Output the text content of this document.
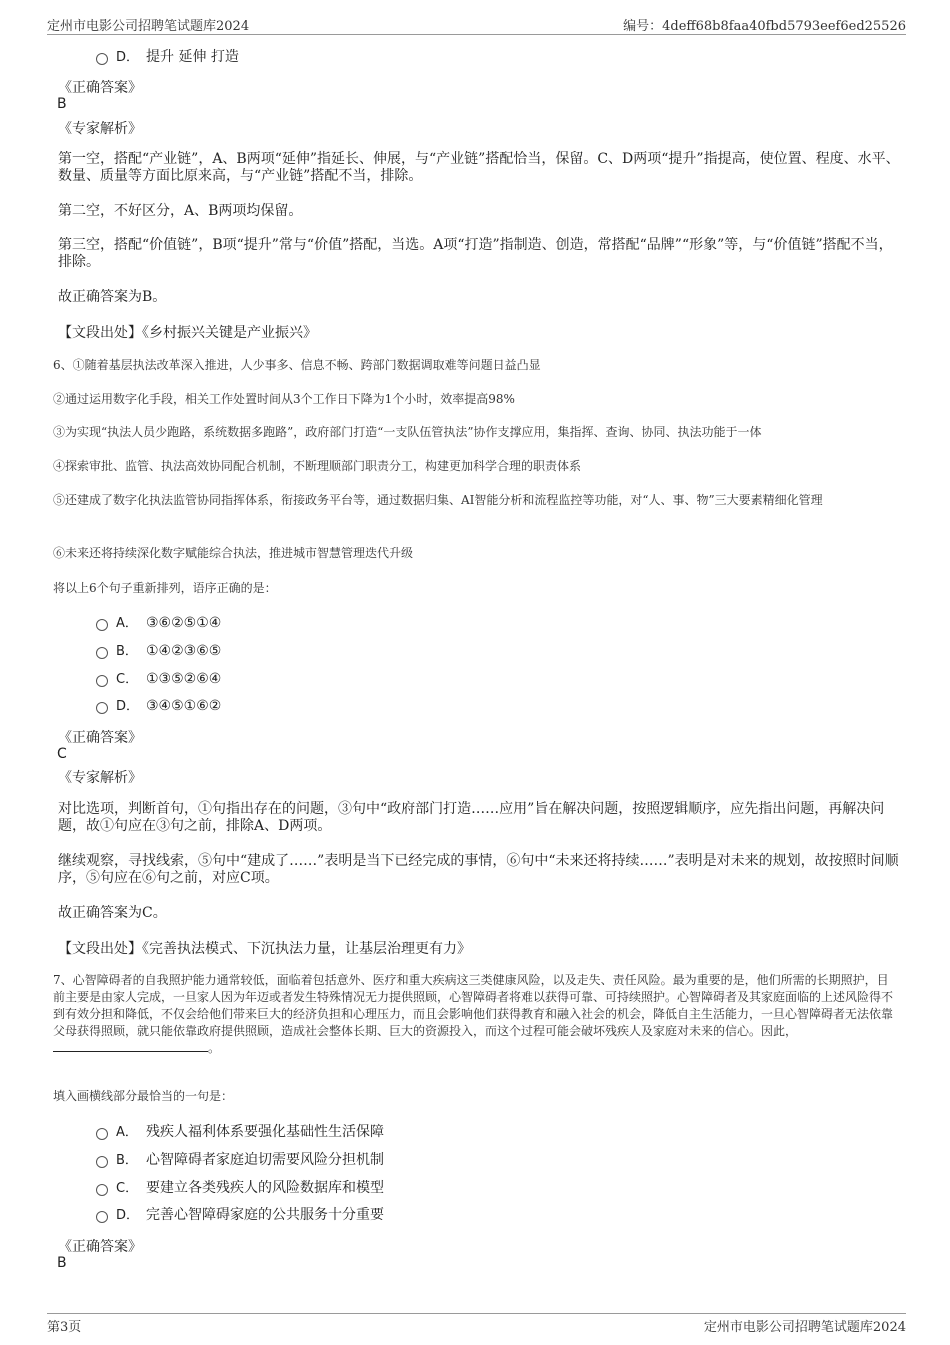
定州市电影公司招聘笔试题库2024	编号：4deff68b8faa40fbd5793eef6ed25526
D． 提升 延伸 打造
《正确答案》
B
《专家解析》
第一空，搭配“产业链”，A、B两项“延伸”指延长、伸展，与“产业链”搭配恰当，保留。C、D两项“提升”指提高，使位置、程度、水平、数量、质量等方面比原来高，与“产业链”搭配不当，排除。
第二空，不好区分，A、B两项均保留。
第三空，搭配“价值链”，B项“提升”常与“价值”搭配，当选。A项“打造”指制造、创造，常搭配“品牌”“形象”等，与“价值链”搭配不当，排除。
故正确答案为B。
【文段出处】《乡村振兴关键是产业振兴》
6、①随着基层执法改革深入推进，人少事多、信息不畅、跨部门数据调取难等问题日益凸显
②通过运用数字化手段，相关工作处置时间从3个工作日下降为1个小时，效率提高98%
③为实现“执法人员少跑路，系统数据多跑路”，政府部门打造“一支队伍管执法”协作支撑应用，集指挥、查询、协同、执法功能于一体
④探索审批、监管、执法高效协同配合机制，不断理顺部门职责分工，构建更加科学合理的职责体系
⑤还建成了数字化执法监管协同指挥体系，衔接政务平台等，通过数据归集、AI智能分析和流程监控等功能，对“人、事、物”三大要素精细化管理
⑥未来还将持续深化数字赋能综合执法，推进城市智慧管理迭代升级
将以上6个句子重新排列，语序正确的是：
A． ③⑥②⑤①④
B． ①④②③⑥⑤
C． ①③⑤②⑥④
D． ③④⑤①⑥②
《正确答案》
C
《专家解析》
对比选项，判断首句，①句指出存在的问题，③句中“政府部门打造……应用”旨在解决问题，按照逻辑顺序，应先指出问题，再解决问题，故①句应在③句之前，排除A、D两项。
继续观察，寻找线索，⑤句中“建成了……”表明是当下已经完成的事情，⑥句中“未来还将持续……”表明是对未来的规划，故按照时间顺序，⑤句应在⑥句之前，对应C项。
故正确答案为C。
【文段出处】《完善执法模式、下沉执法力量，让基层治理更有力》
7、心智障碍者的自我照护能力通常较低，面临着包括意外、医疗和重大疾病这三类健康风险，以及走失、责任风险。最为重要的是，他们所需的长期照护，目前主要是由家人完成，一旦家人因为年迈或者发生特殊情况无力提供照顾，心智障碍者将难以获得可靠、可持续照护。心智障碍者及其家庭面临的上述风险得不到有效分担和降低，不仅会给他们带来巨大的经济负担和心理压力，而且会影响他们获得教育和融入社会的机会，降低自主生活能力，一旦心智障碍者无法依靠父母获得照顾，就只能依靠政府提供照顾，造成社会整体长期、巨大的资源投入，而这个过程可能会破坏残疾人及家庭对未来的信心。因此，。
填入画横线部分最恰当的一句是：
A． 残疾人福利体系要强化基础性生活保障
B． 心智障碍者家庭迫切需要风险分担机制
C． 要建立各类残疾人的风险数据库和模型
D． 完善心智障碍家庭的公共服务十分重要
《正确答案》
B
第3页	定州市电影公司招聘笔试题库2024
